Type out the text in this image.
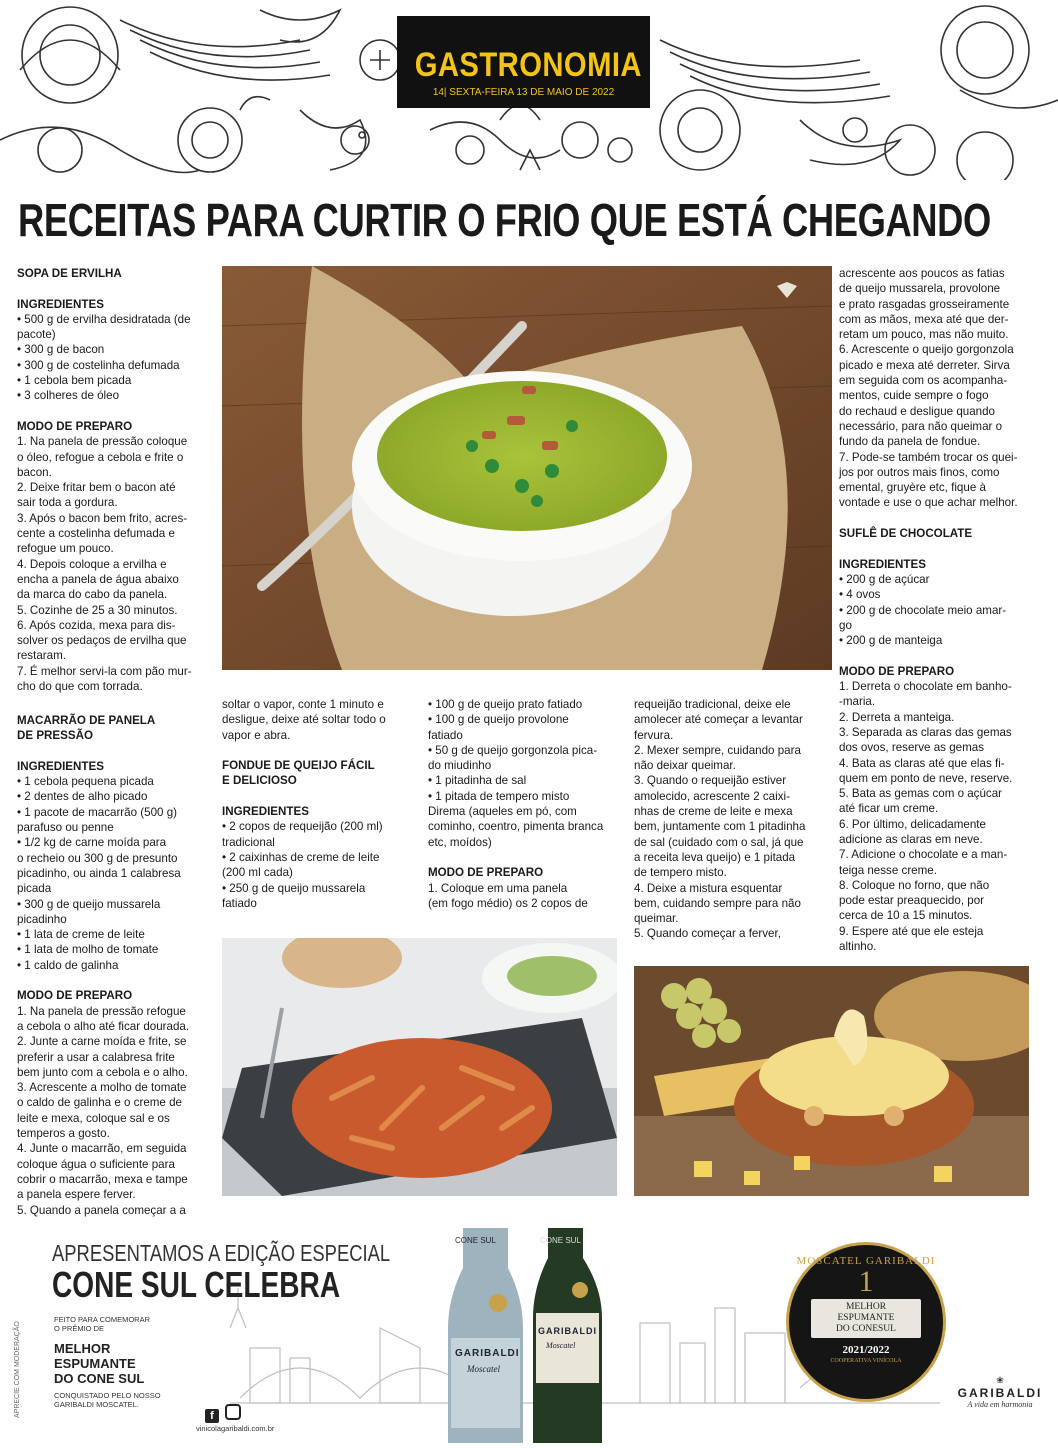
GASTRONOMIA
14| SEXTA-FEIRA 13 DE MAIO DE 2022
RECEITAS PARA CURTIR O FRIO QUE ESTÁ CHEGANDO
SOPA DE ERVILHA

INGREDIENTES
• 500 g de ervilha desidratada (de
pacote)
• 300 g de bacon
• 300 g de costelinha defumada
• 1 cebola bem picada
• 3 colheres de óleo

MODO DE PREPARO
1. Na panela de pressão coloque
o óleo, refogue a cebola e frite o
bacon.
2. Deixe fritar bem o bacon até
sair toda a gordura.
3. Após o bacon bem frito, acres-
cente a costelinha defumada e
refogue um pouco.
4. Depois coloque a ervilha e
encha a panela de água abaixo
da marca do cabo da panela.
5. Cozinhe de 25 a 30 minutos.
6. Após cozida, mexa para dis-
solver os pedaços de ervilha que
restaram.
7. É melhor servi-la com pão mur-
cho do que com torrada.
MACARRÃO DE PANELA
DE PRESSÃO

INGREDIENTES
• 1 cebola pequena picada
• 2 dentes de alho picado
• 1 pacote de macarrão (500 g)
parafuso ou penne
• 1/2 kg de carne moída para
o recheio ou 300 g de presunto
picadinho, ou ainda 1 calabresa
picada
• 300 g de queijo mussarela
picadinho
• 1 lata de creme de leite
• 1 lata de molho de tomate
• 1 caldo de galinha

MODO DE PREPARO
1. Na panela de pressão refogue
a cebola o alho até ficar dourada.
2. Junte a carne moída e frite, se
preferir a usar a calabresa frite
bem junto com a cebola e o alho.
3. Acrescente a molho de tomate
o caldo de galinha e o creme de
leite e mexa, coloque sal e os
temperos a gosto.
4. Junte o macarrão, em seguida
coloque água o suficiente para
cobrir o macarrão, mexa e tampe
a panela espere ferver.
5. Quando a panela começar a a
soltar o vapor, conte 1 minuto e
desligue, deixe até soltar todo o
vapor e abra.

FONDUE DE QUEIJO FÁCIL
E DELICIOSO

INGREDIENTES
• 2 copos de requeijão (200 ml)
tradicional
• 2 caixinhas de creme de leite
(200 ml cada)
• 250 g de queijo mussarela
fatiado
• 100 g de queijo prato fatiado
• 100 g de queijo provolone
fatiado
• 50 g de queijo gorgonzola pica-
do miudinho
• 1 pitadinha de sal
• 1 pitada de tempero misto
Direma (aqueles em pó, com
cominho, coentro, pimenta branca
etc, moídos)

MODO DE PREPARO
1. Coloque em uma panela
(em fogo médio) os 2 copos de
requeijão tradicional, deixe ele
amolecer até começar a levantar
fervura.
2. Mexer sempre, cuidando para
não deixar queimar.
3. Quando o requeijão estiver
amolecido, acrescente 2 caixi-
nhas de creme de leite e mexa
bem, juntamente com 1 pitadinha
de sal (cuidado com o sal, já que
a receita leva queijo) e 1 pitada
de tempero misto.
4. Deixe a mistura esquentar
bem, cuidando sempre para não
queimar.
5. Quando começar a ferver,
acrescente aos poucos as fatias
de queijo mussarela, provolone
e prato rasgadas grosseiramente
com as mãos, mexa até que der-
retam um pouco, mas não muito.
6. Acrescente o queijo gorgonzola
picado e mexa até derreter. Sirva
em seguida com os acompanha-
mentos, cuide sempre o fogo
do rechaud e desligue quando
necessário, para não queimar o
fundo da panela de fondue.
7. Pode-se também trocar os quei-
jos por outros mais finos, como
emental, gruyère etc, fique à
vontade e use o que achar melhor.

SUFLÊ DE CHOCOLATE

INGREDIENTES
• 200 g de açúcar
• 4 ovos
• 200 g de chocolate meio amar-
go
• 200 g de manteiga

MODO DE PREPARO
1. Derreta o chocolate em banho-
-maria.
2. Derreta a manteiga.
3. Separada as claras das gemas
dos ovos, reserve as gemas
4. Bata as claras até que elas fi-
quem em ponto de neve, reserve.
5. Bata as gemas com o açúcar
até ficar um creme.
6. Por último, delicadamente
adicione as claras em neve.
7. Adicione o chocolate e a man-
teiga nesse creme.
8. Coloque no forno, que não
pode estar preaquecido, por
cerca de 10 a 15 minutos.
9. Espere até que ele esteja
altinho.
APRESENTAMOS A EDIÇÃO ESPECIAL
CONE SUL CELEBRA
FEITO PARA COMEMORAR
O PRÊMIO DE
MELHOR
ESPUMANTE
DO CONE SUL
CONQUISTADO PELO NOSSO
GARIBALDI MOSCATEL.
APRECIE COM MODERAÇÃO	f
vinicolagaribaldi.com.br
CONE SUL
GARIBALDI
Moscatel
CONE SUL
GARIBALDI
Moscatel
MOSCATEL GARIBALDI
1
MELHOR
ESPUMANTE
DO CONESUL
2021/2022
COOPERATIVA VINÍCOLA
❀
GARIBALDI
A vida em harmonia
